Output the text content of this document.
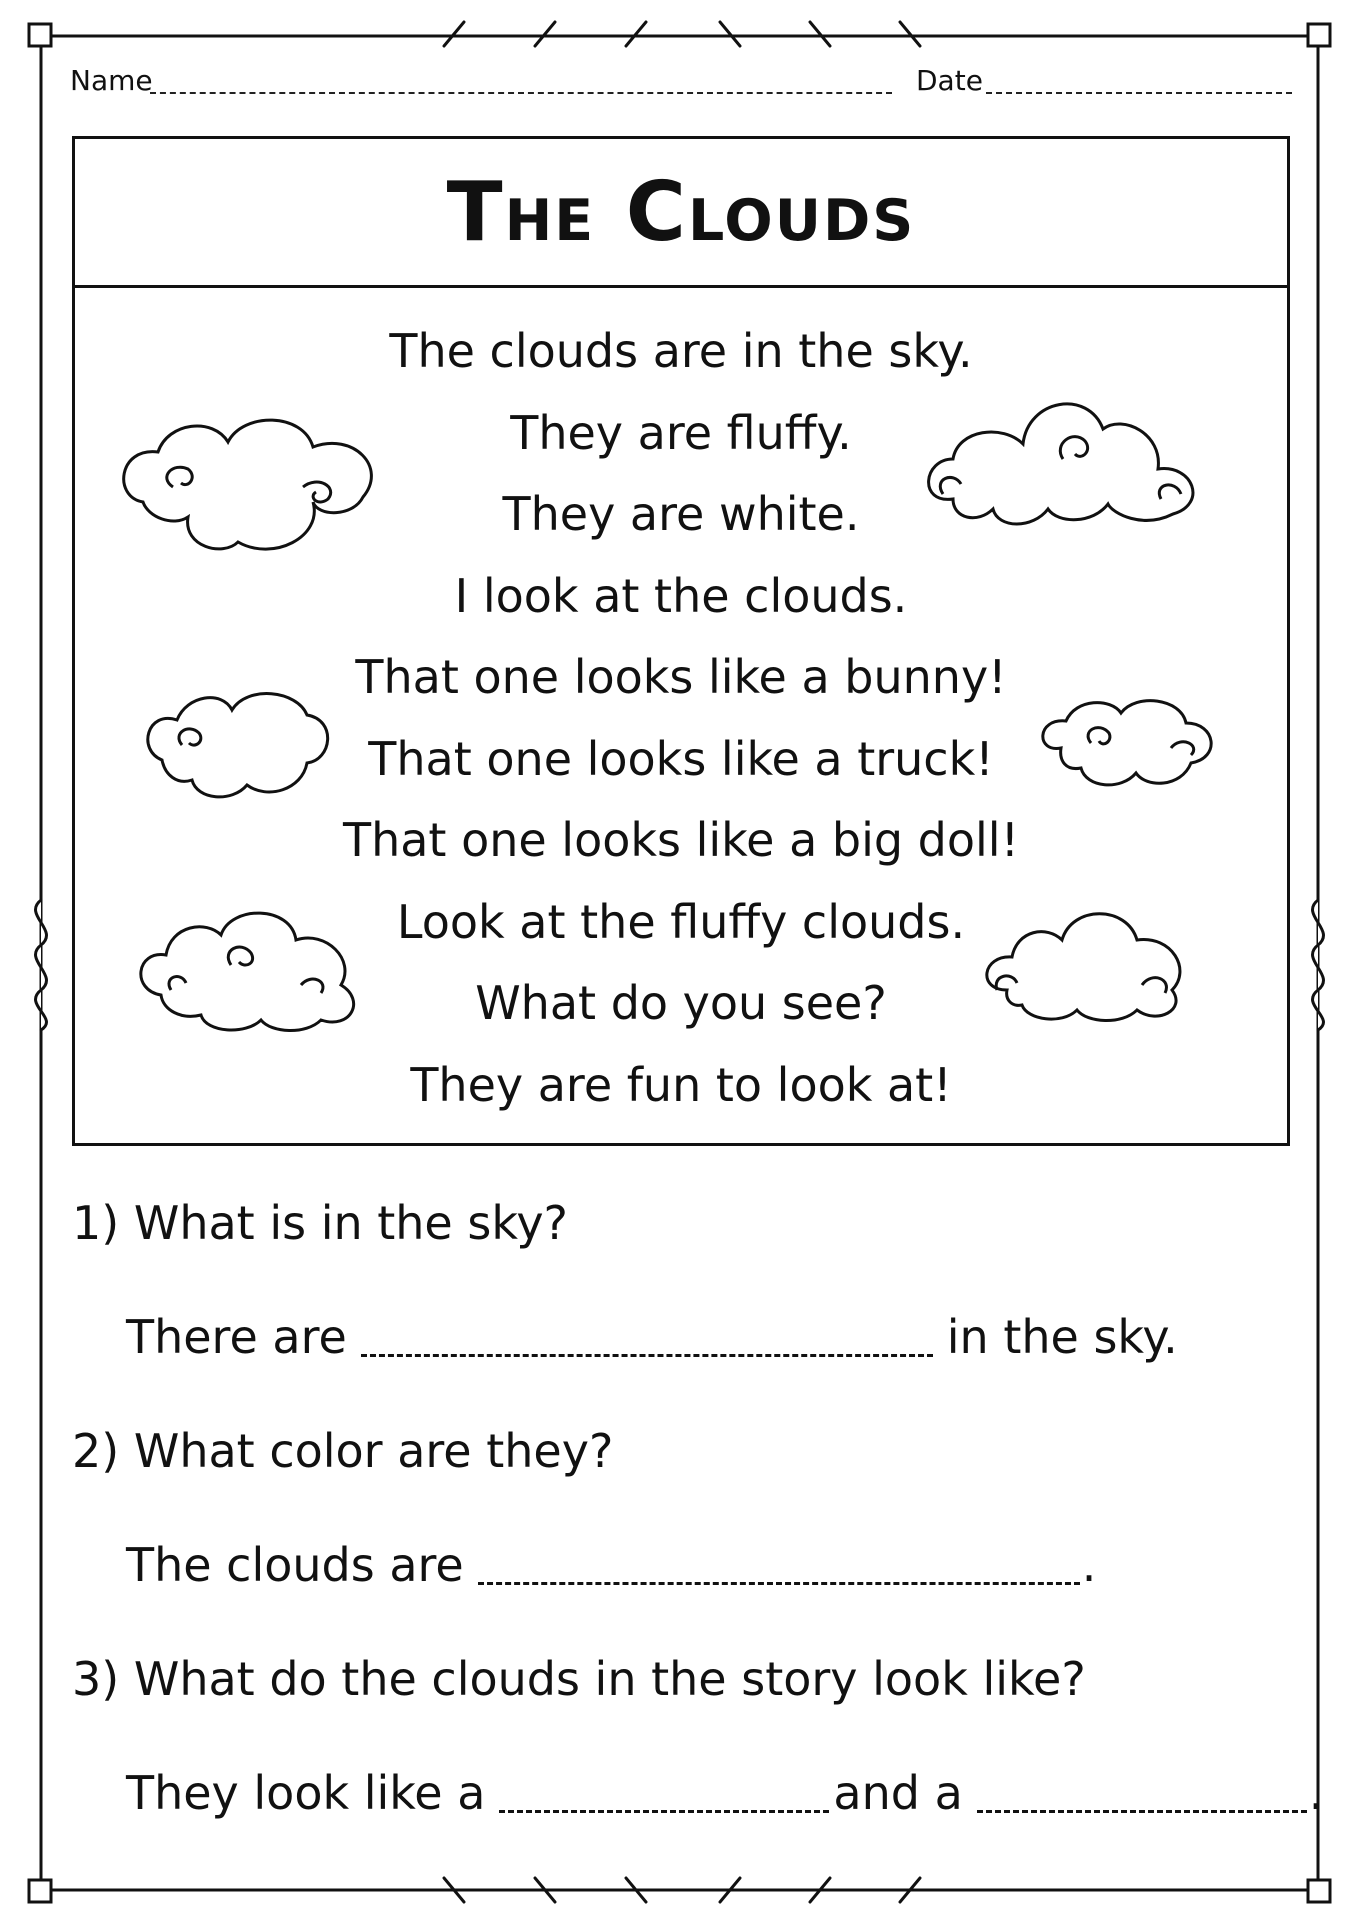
Name	Date
The Clouds
The clouds are in the sky.
They are fluffy.
They are white.
I look at the clouds.
That one looks like a bunny!
That one looks like a truck!
That one looks like a big doll!
Look at the fluffy clouds.
What do you see?
They are fun to look at!
1) What is in the sky?
There are	in the sky.
2) What color are they?
The clouds are	.
3) What do the clouds in the story look like?
They look like a	and a	.
